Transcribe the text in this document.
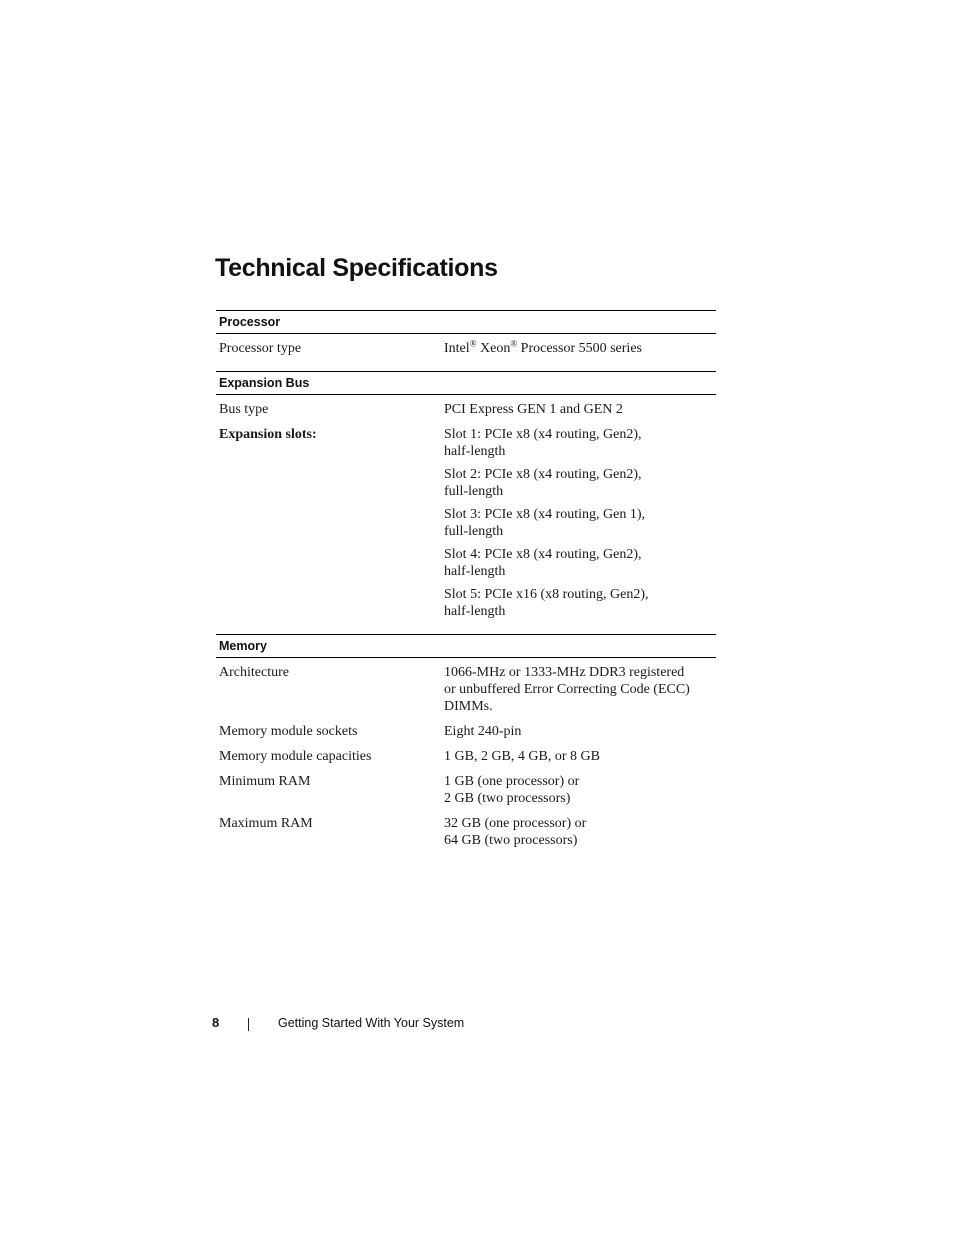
Technical Specifications
Processor
Processor type	Intel® Xeon® Processor 5500 series
Expansion Bus
Bus type	PCI Express GEN 1 and GEN 2
Expansion slots:	Slot 1: PCIe x8 (x4 routing, Gen2),
half-length
Slot 2: PCIe x8 (x4 routing, Gen2),
full-length
Slot 3: PCIe x8 (x4 routing, Gen 1),
full-length
Slot 4: PCIe x8 (x4 routing, Gen2),
half-length
Slot 5: PCIe x16 (x8 routing, Gen2),
half-length
Memory
Architecture	1066-MHz or 1333-MHz DDR3 registered
or unbuffered Error Correcting Code (ECC)
DIMMs.
Memory module sockets	Eight 240-pin
Memory module capacities	1 GB, 2 GB, 4 GB, or 8 GB
Minimum RAM	1 GB (one processor) or
2 GB (two processors)
Maximum RAM	32 GB (one processor) or
64 GB (two processors)
8	Getting Started With Your System
